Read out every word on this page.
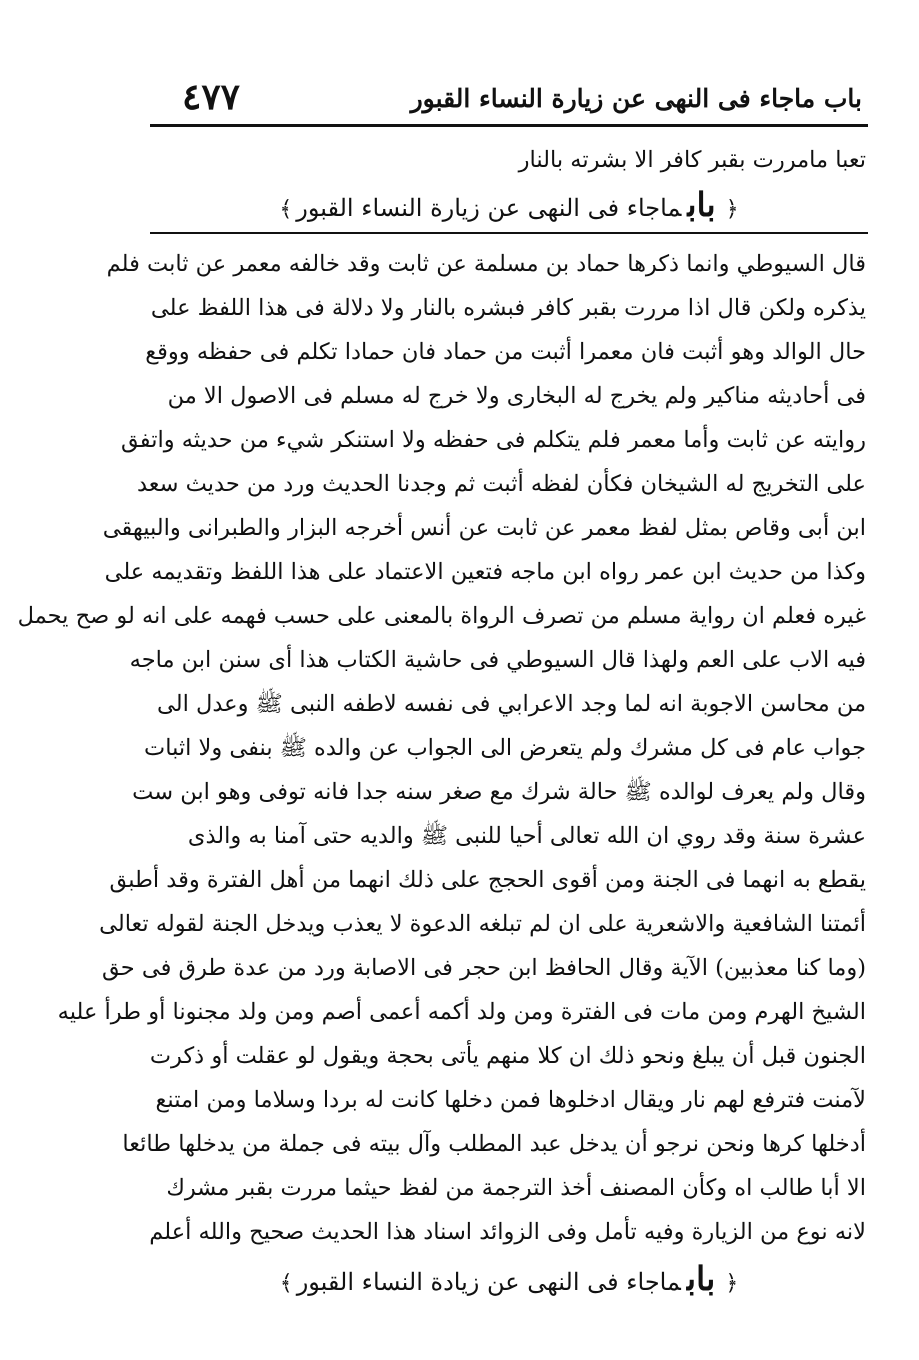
باب ماجاء فى النهى عن زيارة النساء القبور
٤٧٧
تعبا مامررت بقبر كافر الا بشرته بالنار
﴿بابماجاء فى النهى عن زيارة النساء القبور﴾
قال السيوطي وانما ذكرها حماد بن مسلمة عن ثابت وقد خالفه معمر عن ثابت فلم
يذكره ولكن قال اذا مررت بقبر كافر فبشره بالنار ولا دلالة فى هذا اللفظ على
حال الوالد وهو أثبت فان معمرا أثبت من حماد فان حمادا تكلم فى حفظه ووقع
فى أحاديثه مناكير ولم يخرج له البخارى ولا خرج له مسلم فى الاصول الا من
روايته عن ثابت وأما معمر فلم يتكلم فى حفظه ولا استنكر شيء من حديثه واتفق
على التخريج له الشيخان فكأن لفظه أثبت ثم وجدنا الحديث ورد من حديث سعد
ابن أبى وقاص بمثل لفظ معمر عن ثابت عن أنس أخرجه البزار والطبرانى والبيهقى
وكذا من حديث ابن عمر رواه ابن ماجه فتعين الاعتماد على هذا اللفظ وتقديمه على
غيره فعلم ان رواية مسلم من تصرف الرواة بالمعنى على حسب فهمه على انه لو صح يحمل
فيه الاب على العم ولهذا قال السيوطي فى حاشية الكتاب هذا أى سنن ابن ماجه
من محاسن الاجوبة انه لما وجد الاعرابي فى نفسه لاطفه النبى ﷺ وعدل الى
جواب عام فى كل مشرك ولم يتعرض الى الجواب عن والده ﷺ بنفى ولا اثبات
وقال ولم يعرف لوالده ﷺ حالة شرك مع صغر سنه جدا فانه توفى وهو ابن ست
عشرة سنة وقد روي ان الله تعالى أحيا للنبى ﷺ والديه حتى آمنا به والذى
يقطع به انهما فى الجنة ومن أقوى الحجج على ذلك انهما من أهل الفترة وقد أطبق
أئمتنا الشافعية والاشعرية على ان لم تبلغه الدعوة لا يعذب ويدخل الجنة لقوله تعالى
(وما كنا معذبين) الآية وقال الحافظ ابن حجر فى الاصابة ورد من عدة طرق فى حق
الشيخ الهرم ومن مات فى الفترة ومن ولد أكمه أعمى أصم ومن ولد مجنونا أو طرأ عليه
الجنون قبل أن يبلغ ونحو ذلك ان كلا منهم يأتى بحجة ويقول لو عقلت أو ذكرت
لآمنت فترفع لهم نار ويقال ادخلوها فمن دخلها كانت له بردا وسلاما ومن امتنع
أدخلها كرها ونحن نرجو أن يدخل عبد المطلب وآل بيته فى جملة من يدخلها طائعا
الا أبا طالب اه وكأن المصنف أخذ الترجمة من لفظ حيثما مررت بقبر مشرك
لانه نوع من الزيارة وفيه تأمل وفى الزوائد اسناد هذا الحديث صحيح والله أعلم
﴿بابماجاء فى النهى عن زيادة النساء القبور﴾
